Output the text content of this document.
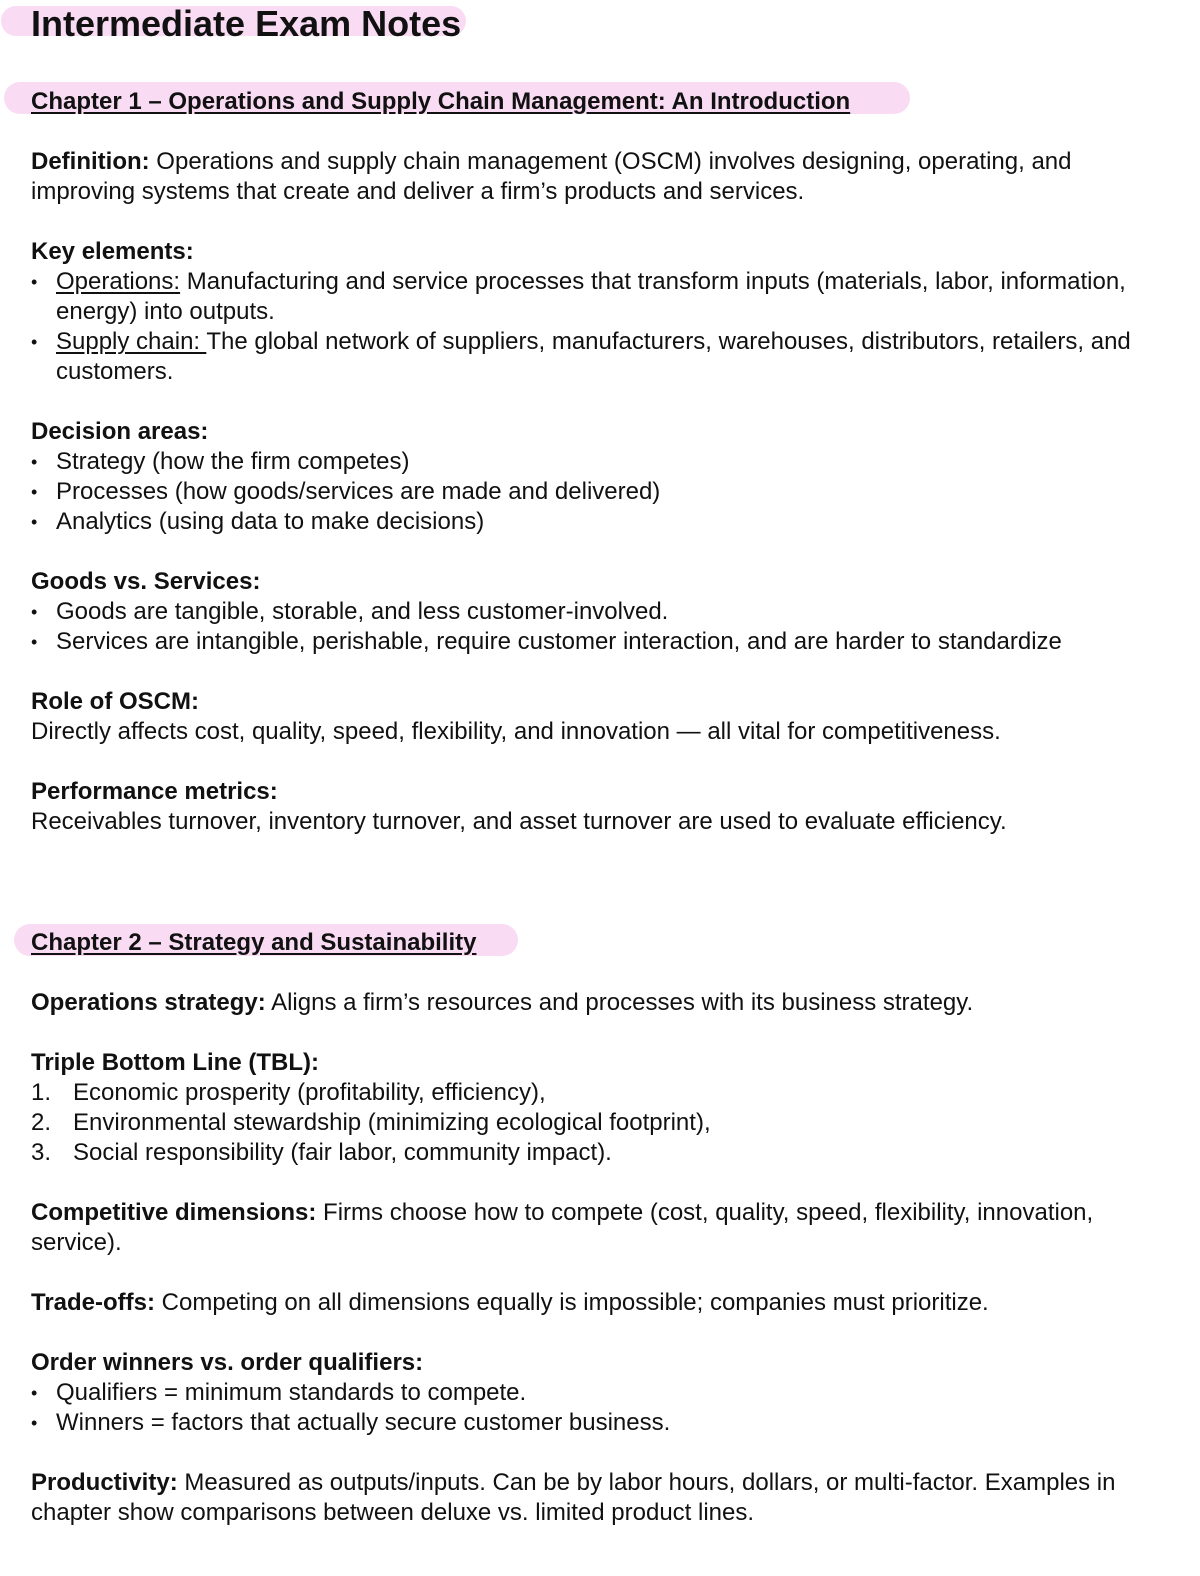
Intermediate Exam Notes
Chapter 1 – Operations and Supply Chain Management: An Introduction

Definition: Operations and supply chain management (OSCM) involves designing, operating, and improving systems that create and deliver a firm’s products and services.

Key elements:

• Operations: Manufacturing and service processes that transform inputs (materials, labor, information, energy) into outputs.
• Supply chain: The global network of suppliers, manufacturers, warehouses, distributors, retailers, and customers.

Decision areas:

• Strategy (how the firm competes)
• Processes (how goods/services are made and delivered)
• Analytics (using data to make decisions)

Goods vs. Services:

• Goods are tangible, storable, and less customer-involved.
• Services are intangible, perishable, require customer interaction, and are harder to standardize

Role of OSCM:

Directly affects cost, quality, speed, flexibility, and innovation — all vital for competitiveness.

Performance metrics:

Receivables turnover, inventory turnover, and asset turnover are used to evaluate efficiency.

Chapter 2 – Strategy and Sustainability

Operations strategy: Aligns a firm’s resources and processes with its business strategy.

Triple Bottom Line (TBL):

1. Economic prosperity (profitability, efficiency),
2. Environmental stewardship (minimizing ecological footprint),
3. Social responsibility (fair labor, community impact).

Competitive dimensions: Firms choose how to compete (cost, quality, speed, flexibility, innovation, service).

Trade-offs: Competing on all dimensions equally is impossible; companies must prioritize.

Order winners vs. order qualifiers:

• Qualifiers = minimum standards to compete.
• Winners = factors that actually secure customer business.

Productivity: Measured as outputs/inputs. Can be by labor hours, dollars, or multi-factor. Examples in chapter show comparisons between deluxe vs. limited product lines.
